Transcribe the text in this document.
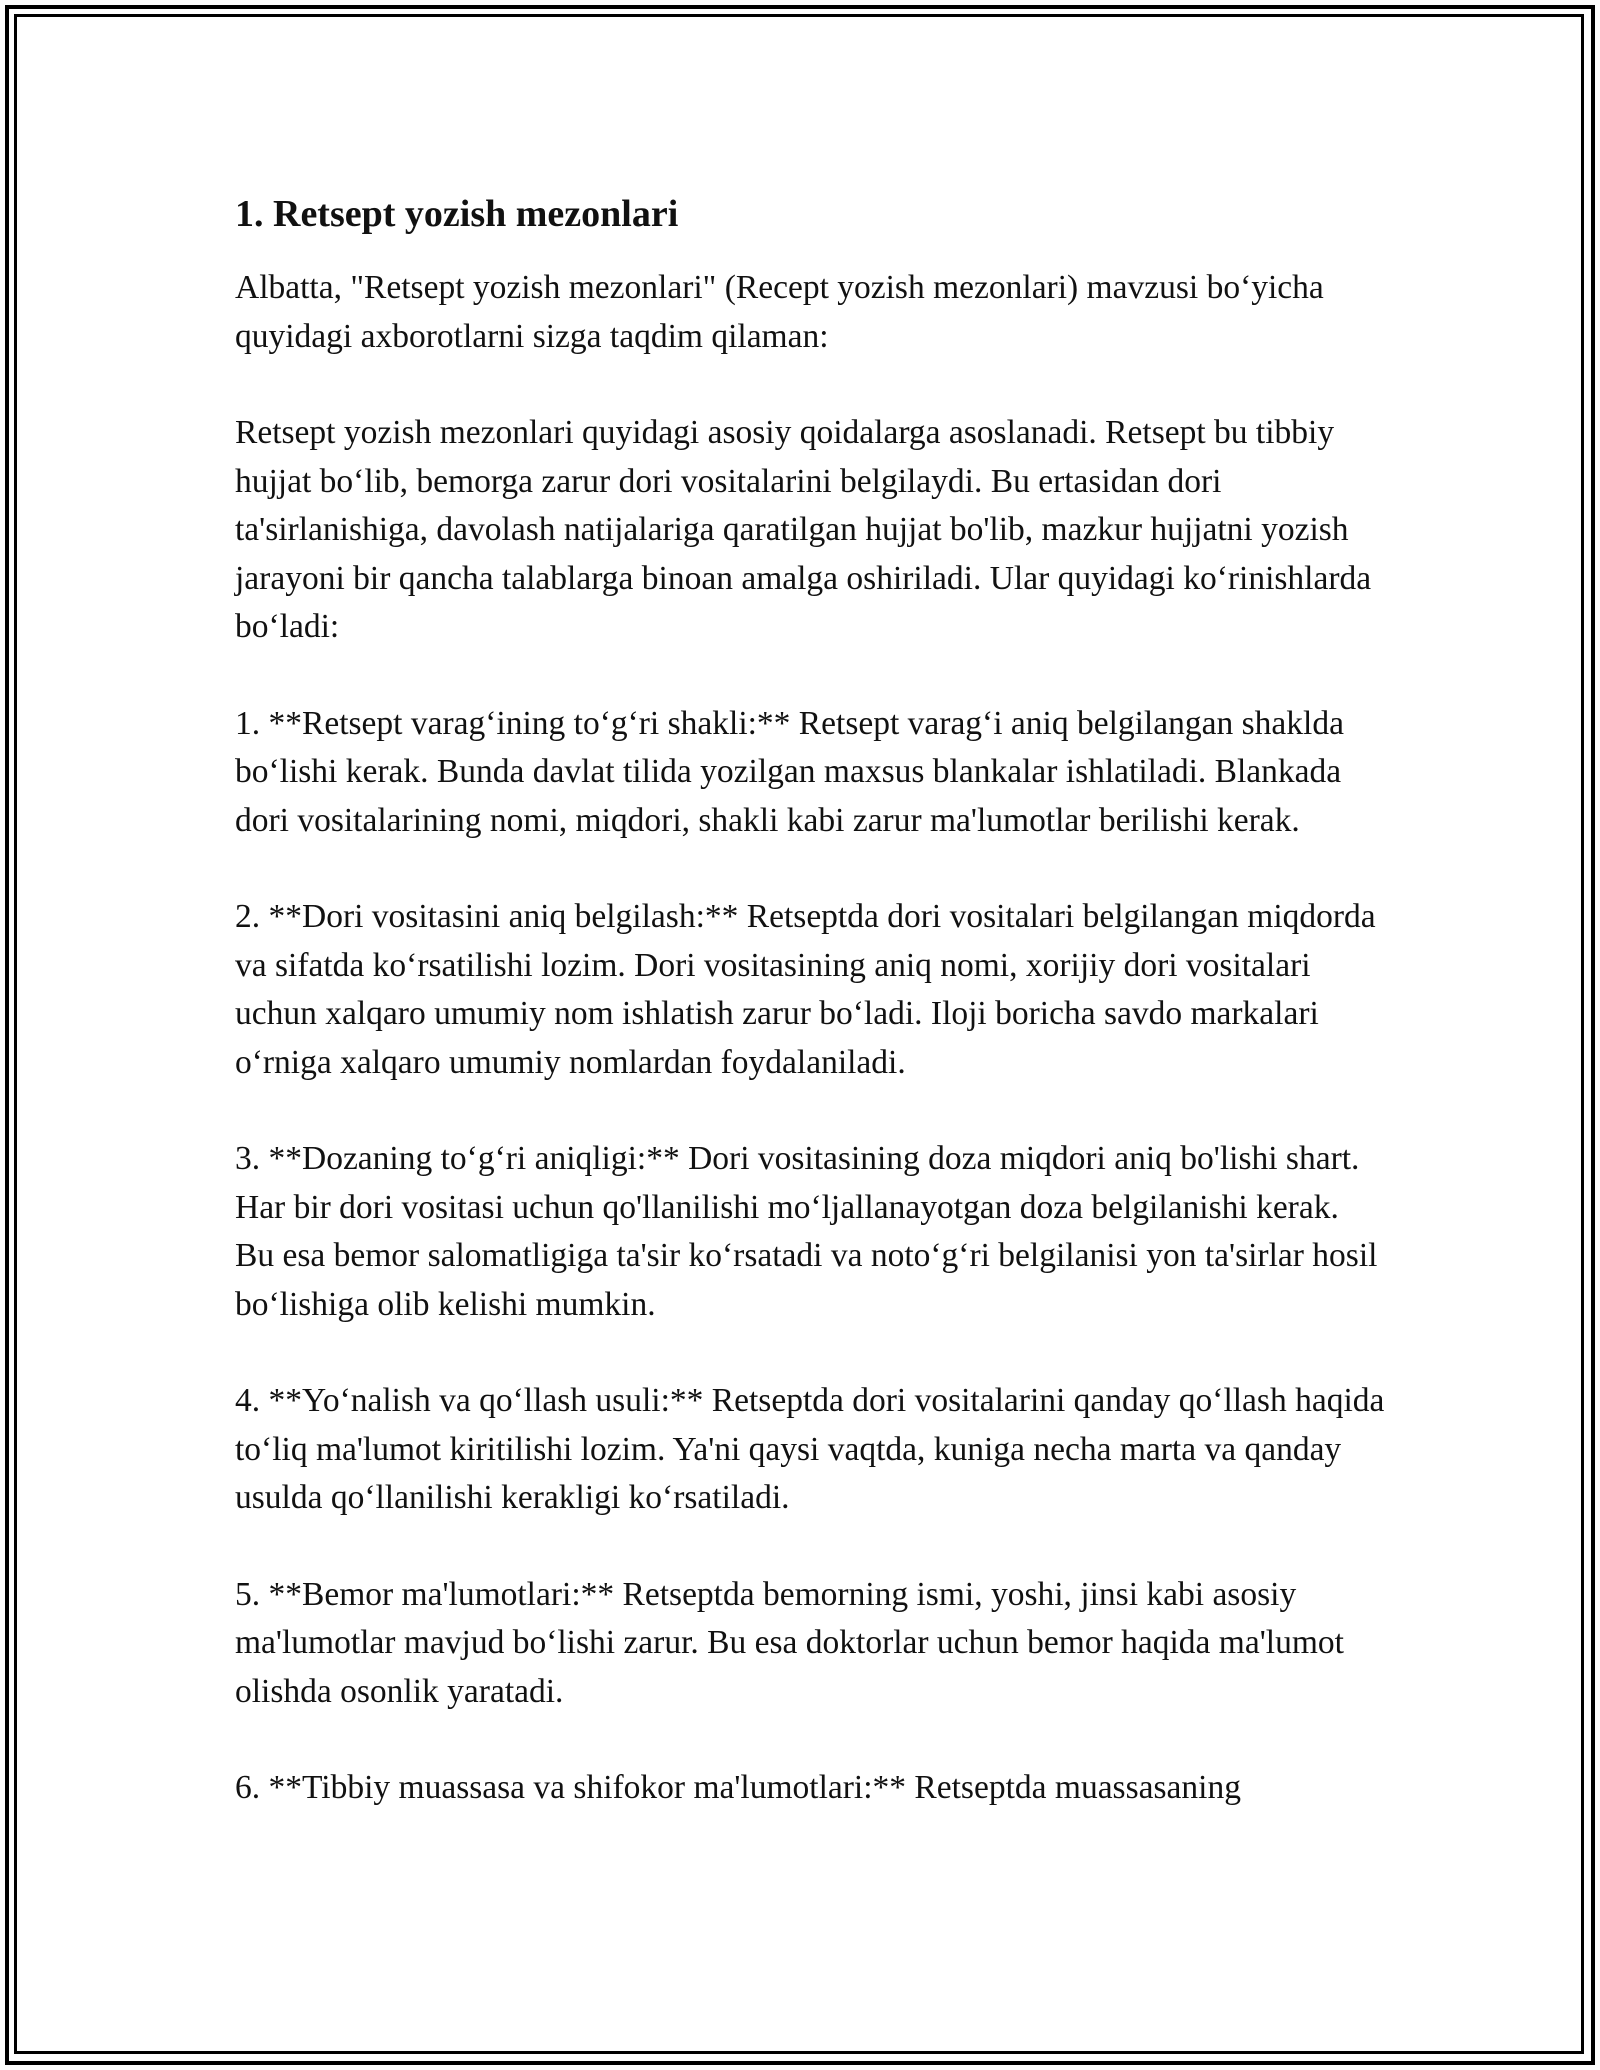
1. Retsept yozish mezonlari

Albatta, "Retsept yozish mezonlari" (Recept yozish mezonlari) mavzusi bo‘yicha quyidagi axborotlarni sizga taqdim qilaman:

Retsept yozish mezonlari quyidagi asosiy qoidalarga asoslanadi. Retsept bu tibbiy hujjat bo‘lib, bemorga zarur dori vositalarini belgilaydi. Bu ertasidan dori ta'sirlanishiga, davolash natijalariga qaratilgan hujjat bo'lib, mazkur hujjatni yozish jarayoni bir qancha talablarga binoan amalga oshiriladi. Ular quyidagi ko‘rinishlarda bo‘ladi:

1. **Retsept varag‘ining to‘g‘ri shakli:** Retsept varag‘i aniq belgilangan shaklda bo‘lishi kerak. Bunda davlat tilida yozilgan maxsus blankalar ishlatiladi. Blankada dori vositalarining nomi, miqdori, shakli kabi zarur ma'lumotlar berilishi kerak.

2. **Dori vositasini aniq belgilash:** Retseptda dori vositalari belgilangan miqdorda va sifatda ko‘rsatilishi lozim. Dori vositasining aniq nomi, xorijiy dori vositalari uchun xalqaro umumiy nom ishlatish zarur bo‘ladi. Iloji boricha savdo markalari o‘rniga xalqaro umumiy nomlardan foydalaniladi.

3. **Dozaning to‘g‘ri aniqligi:** Dori vositasining doza miqdori aniq bo'lishi shart. Har bir dori vositasi uchun qo'llanilishi mo‘ljallanayotgan doza belgilanishi kerak. Bu esa bemor salomatligiga ta'sir ko‘rsatadi va noto‘g‘ri belgilanisi yon ta'sirlar hosil bo‘lishiga olib kelishi mumkin.

4. **Yo‘nalish va qo‘llash usuli:** Retseptda dori vositalarini qanday qo‘llash haqida to‘liq ma'lumot kiritilishi lozim. Ya'ni qaysi vaqtda, kuniga necha marta va qanday usulda qo‘llanilishi kerakligi ko‘rsatiladi.

5. **Bemor ma'lumotlari:** Retseptda bemorning ismi, yoshi, jinsi kabi asosiy ma'lumotlar mavjud bo‘lishi zarur. Bu esa doktorlar uchun bemor haqida ma'lumot olishda osonlik yaratadi.

6. **Tibbiy muassasa va shifokor ma'lumotlari:** Retseptda muassasaning
